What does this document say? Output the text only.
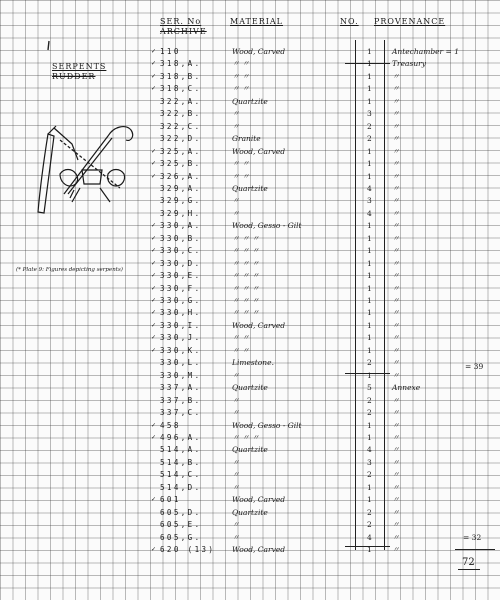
SER. No
ARCHIVE
MATERIAL	NO. PROVENANCE
SERPENTS
RUDDER
(* Plate 9: Figures depicting serpents)
= 39
= 32
72
✓ 110	Wood, Carved	1	Antechamber = 1
✓ 318,A.	〃 〃	1	Treasury
✓ 318,B.	〃 〃	1	〃
✓ 318,C.	〃 〃	1	〃
322,A.	Quartzite	1	〃
322,B.	〃	3	〃
322,C.	〃	2	〃
322,D.	Granite	2	〃
✓ 325,A.	Wood, Carved	1	〃
✓ 325,B.	〃 〃	1	〃
✓ 326,A.	〃 〃	1	〃
329,A.	Quartzite	4	〃
329,G.	〃	3	〃
329,H.	〃	4	〃
✓ 330,A.	Wood, Gesso - Gilt	1	〃
✓ 330,B.	〃 〃 〃	1	〃
✓ 330,C.	〃 〃 〃	1	〃
✓ 330,D.	〃 〃 〃	1	〃
✓ 330,E.	〃 〃 〃	1	〃
✓ 330,F.	〃 〃 〃	1	〃
✓ 330,G.	〃 〃 〃	1	〃
✓ 330,H.	〃 〃 〃	1	〃
✓ 330,I.	Wood, Carved	1	〃
✓ 330,J.	〃 〃	1	〃
✓ 330,K.	〃 〃	1	〃
330,L.	Limestone.	2	〃
330,M.	〃	1	〃
337,A.	Quartzite	5	Annexe
337,B.	〃	2	〃
337,C.	〃	2	〃
✓ 458	Wood, Gesso - Gilt	1	〃
✓ 496,A.	〃 〃 〃	1	〃
514,A.	Quartzite	4	〃
514,B.	〃	3	〃
514,C.	〃	2	〃
514,D.	〃	1	〃
✓ 601	Wood, Carved	1	〃
605,D.	Quartzite	2	〃
605,E.	〃	2	〃
605,G.	〃	4	〃
✓ 620 (13) Wood, Carved	1	〃
